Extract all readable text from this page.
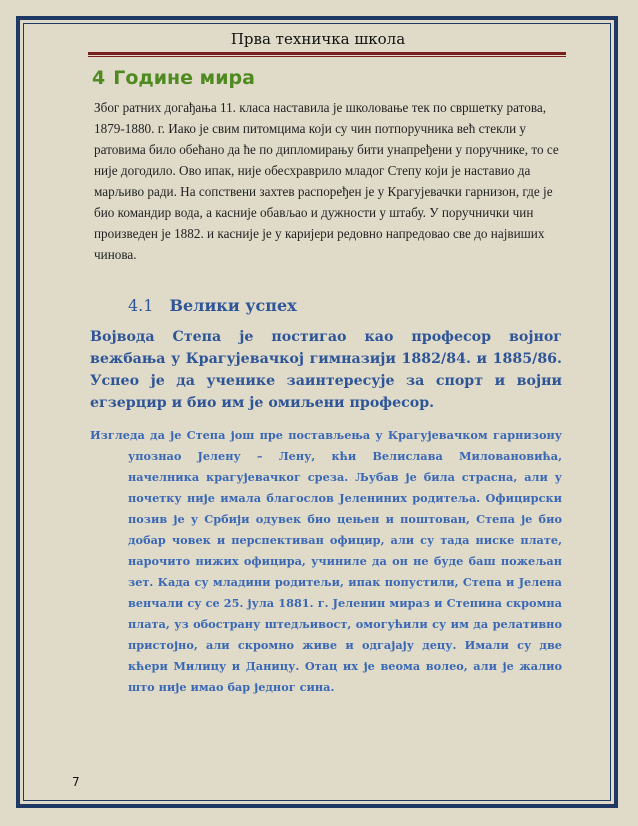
Прва техничка школа
4 Године мира
Због ратних догађања 11. класа наставила је школовање тек по свршетку ратова, 1879-1880. г. Иако је свим питомцима који су чин потпоручника већ стекли у ратовима било обећано да ће по дипломирању бити унапређени у поручнике, то се није догодило. Ово ипак, није обесхраврило младог Степу који је наставио да марљиво ради. На сопствени захтев распоређен је у Крагујевачки гарнизон, где је био командир вода, а касније обављао и дужности у штабу. У поручнички чин произведен је 1882. и касније је у каријери редовно напредовао све до највиших чинова.
4.1 Велики успех
Војвода Степа је постигао као професор војног вежбања у Крагујевачкој гимназији 1882/84. и 1885/86. Успео је да ученике заинтересује за спорт и војни егзерцир и био им је омиљени професор.
Изгледа да је Степа још пре постављења у Крагујевачком гарнизону упознао Јелену – Лену, кћи Велислава Миловановића, начелника крагујевачког среза. Љубав је била страсна, али у почетку није имала благослов Јелениних родитеља. Официрски позив је у Србији одувек био цењен и поштован, Степа је био добар човек и перспективан официр, али су тада ниске плате, нарочито нижих официра, учиниле да он не буде баш пожељан зет. Када су младини родитељи, ипак попустили, Степа и Јелена венчали су се 25. јула 1881. г. Јеленин мираз и Степина скромна плата, уз обострану штедљивост, омогућили су им да релативно пристојно, али скромно живе и одгајају децу. Имали су две кћери Милицу и Даницу. Отац их је веома волео, али је жалио што није имао бар једног сина.
7
